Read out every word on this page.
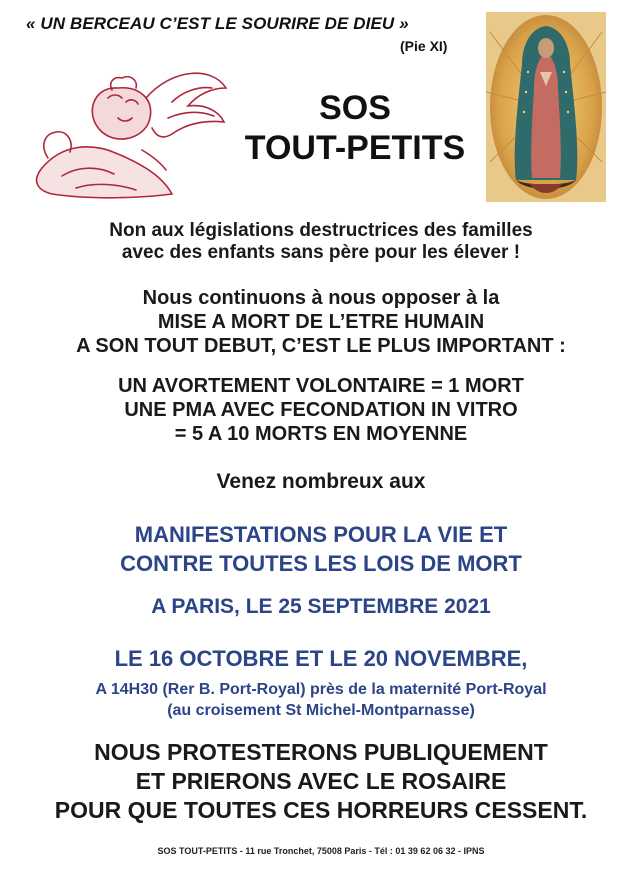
« UN BERCEAU C’EST LE SOURIRE DE DIEU »
(Pie XI)
SOS
TOUT-PETITS
Non aux législations destructrices des familles
avec des enfants sans père pour les élever !
Nous continuons à nous opposer à la
MISE A MORT DE L’ETRE HUMAIN
A SON TOUT DEBUT, C’EST LE PLUS IMPORTANT :
UN AVORTEMENT VOLONTAIRE = 1 MORT
UNE PMA AVEC FECONDATION IN VITRO
= 5 A 10 MORTS EN MOYENNE
Venez nombreux aux
MANIFESTATIONS POUR LA VIE ET
CONTRE TOUTES LES LOIS DE MORT
A PARIS, LE 25 SEPTEMBRE 2021
LE 16 OCTOBRE ET LE 20 NOVEMBRE,
A 14H30 (Rer B. Port-Royal) près de la maternité Port-Royal
(au croisement St Michel-Montparnasse)
NOUS PROTESTERONS PUBLIQUEMENT
ET PRIERONS AVEC LE ROSAIRE
POUR QUE TOUTES CES HORREURS CESSENT.
SOS TOUT-PETITS - 11 rue Tronchet, 75008 Paris - Tél : 01 39 62 06 32 - IPNS
